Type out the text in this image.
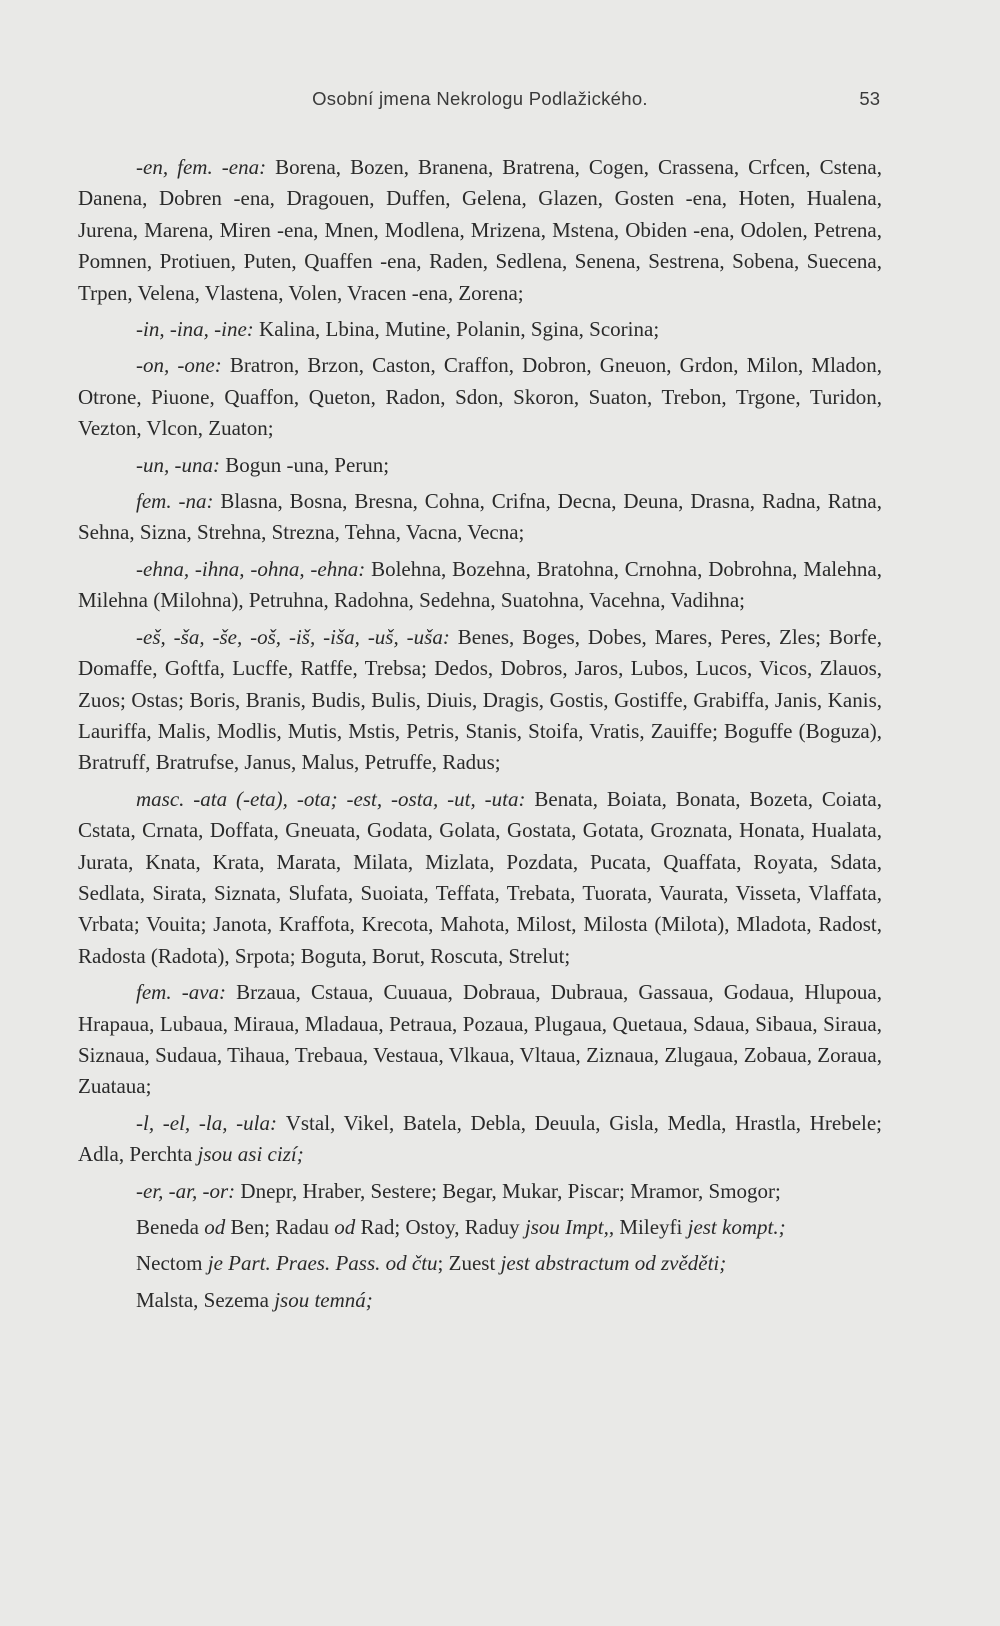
Osobní jmena Nekrologu Podlažického.	53

-en, fem. -ena: Borena, Bozen, Branena, Bratrena, Cogen, Crassena, Crfcen, Cstena, Danena, Dobren -ena, Dragouen, Duffen, Gelena, Glazen, Gosten -ena, Hoten, Hualena, Jurena, Marena, Miren -ena, Mnen, Modlena, Mrizena, Mstena, Obiden -ena, Odolen, Petrena, Pomnen, Protiuen, Puten, Quaffen -ena, Raden, Sedlena, Senena, Sestrena, Sobena, Suecena, Trpen, Velena, Vlastena, Volen, Vracen -ena, Zorena;

-in, -ina, -ine: Kalina, Lbina, Mutine, Polanin, Sgina, Scorina;

-on, -one: Bratron, Brzon, Caston, Craffon, Dobron, Gneuon, Grdon, Milon, Mladon, Otrone, Piuone, Quaffon, Queton, Radon, Sdon, Skoron, Suaton, Trebon, Trgone, Turidon, Vezton, Vlcon, Zuaton;

-un, -una: Bogun -una, Perun;

fem. -na: Blasna, Bosna, Bresna, Cohna, Crifna, Decna, Deuna, Drasna, Radna, Ratna, Sehna, Sizna, Strehna, Strezna, Tehna, Vacna, Vecna;

-ehna, -ihna, -ohna, -ehna: Bolehna, Bozehna, Bratohna, Crnohna, Dobrohna, Malehna, Milehna (Milohna), Petruhna, Radohna, Sedehna, Suatohna, Vacehna, Vadihna;

-eš, -ša, -še, -oš, -iš, -iša, -uš, -uša: Benes, Boges, Dobes, Mares, Peres, Zles; Borfe, Domaffe, Goftfa, Lucffe, Ratffe, Trebsa; Dedos, Dobros, Jaros, Lubos, Lucos, Vicos, Zlauos, Zuos; Ostas; Boris, Branis, Budis, Bulis, Diuis, Dragis, Gostis, Gostiffe, Grabiffa, Janis, Kanis, Lauriffa, Malis, Modlis, Mutis, Mstis, Petris, Stanis, Stoifa, Vratis, Zauiffe; Boguffe (Boguza), Bratruff, Bratrufse, Janus, Malus, Petruffe, Radus;

masc. -ata (-eta), -ota; -est, -osta, -ut, -uta: Benata, Boiata, Bonata, Bozeta, Coiata, Cstata, Crnata, Doffata, Gneuata, Godata, Golata, Gostata, Gotata, Groznata, Honata, Hualata, Jurata, Knata, Krata, Marata, Milata, Mizlata, Pozdata, Pucata, Quaffata, Royata, Sdata, Sedlata, Sirata, Siznata, Slufata, Suoiata, Teffata, Trebata, Tuorata, Vaurata, Visseta, Vlaffata, Vrbata; Vouita; Janota, Kraffota, Krecota, Mahota, Milost, Milosta (Milota), Mladota, Radost, Radosta (Radota), Srpota; Boguta, Borut, Roscuta, Strelut;

fem. -ava: Brzaua, Cstaua, Cuuaua, Dobraua, Dubraua, Gassaua, Godaua, Hlupoua, Hrapaua, Lubaua, Miraua, Mladaua, Petraua, Pozaua, Plugaua, Quetaua, Sdaua, Sibaua, Siraua, Siznaua, Sudaua, Tihaua, Trebaua, Vestaua, Vlkaua, Vltaua, Ziznaua, Zlugaua, Zobaua, Zoraua, Zuataua;

-l, -el, -la, -ula: Vstal, Vikel, Batela, Debla, Deuula, Gisla, Medla, Hrastla, Hrebele; Adla, Perchta jsou asi cizí;

-er, -ar, -or: Dnepr, Hraber, Sestere; Begar, Mukar, Piscar; Mramor, Smogor;

Beneda od Ben; Radau od Rad; Ostoy, Raduy jsou Impt,, Mileyfi jest kompt.;

Nectom je Part. Praes. Pass. od čtu; Zuest jest abstractum od zvěděti;

Malsta, Sezema jsou temná;
